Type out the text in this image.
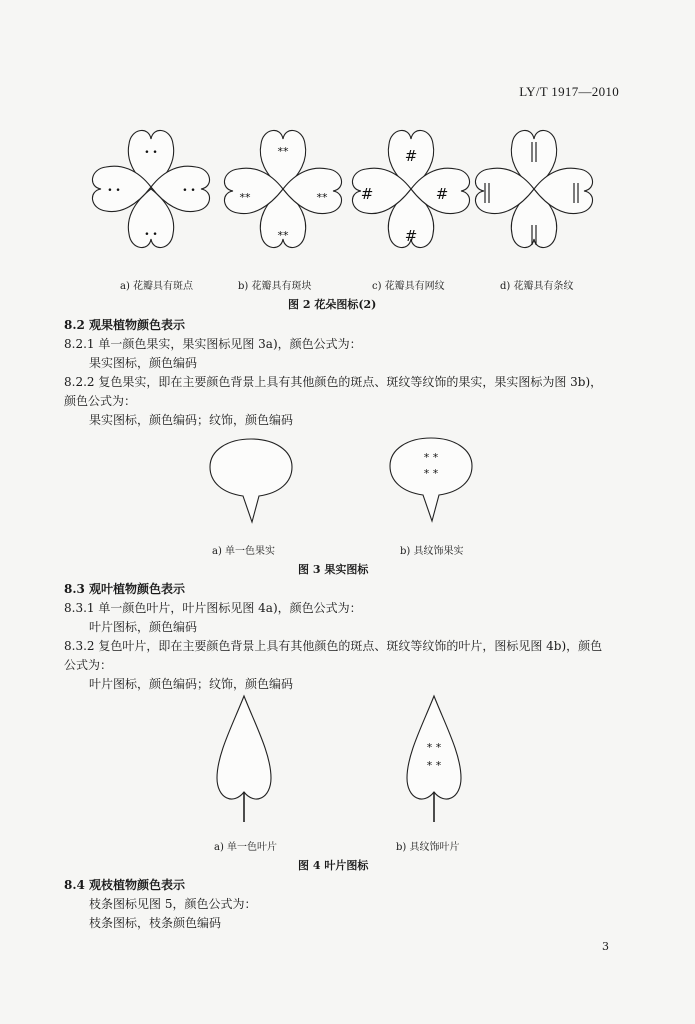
LY/T 1917—2010
• •
• •
• •	• •
**
**
**	**
#
#
#	#
a) 花瓣具有斑点	b) 花瓣具有斑块	c) 花瓣具有网纹	d) 花瓣具有条纹
图 2 花朵图标(2)
8.2 观果植物颜色表示
8.2.1 单一颜色果实，果实图标见图 3a)，颜色公式为：
果实图标，颜色编码
8.2.2 复色果实，即在主要颜色背景上具有其他颜色的斑点、斑纹等纹饰的果实，果实图标为图 3b)，
颜色公式为：
果实图标，颜色编码；纹饰，颜色编码
* *
* *
a) 单一色果实	b) 具纹饰果实
图 3 果实图标
8.3 观叶植物颜色表示
8.3.1 单一颜色叶片，叶片图标见图 4a)，颜色公式为：
叶片图标，颜色编码
8.3.2 复色叶片，即在主要颜色背景上具有其他颜色的斑点、斑纹等纹饰的叶片，图标见图 4b)，颜色
公式为：
叶片图标，颜色编码；纹饰，颜色编码
* *
* *
a) 单一色叶片	b) 具纹饰叶片
图 4 叶片图标
8.4 观枝植物颜色表示
枝条图标见图 5，颜色公式为：
枝条图标，枝条颜色编码
3
